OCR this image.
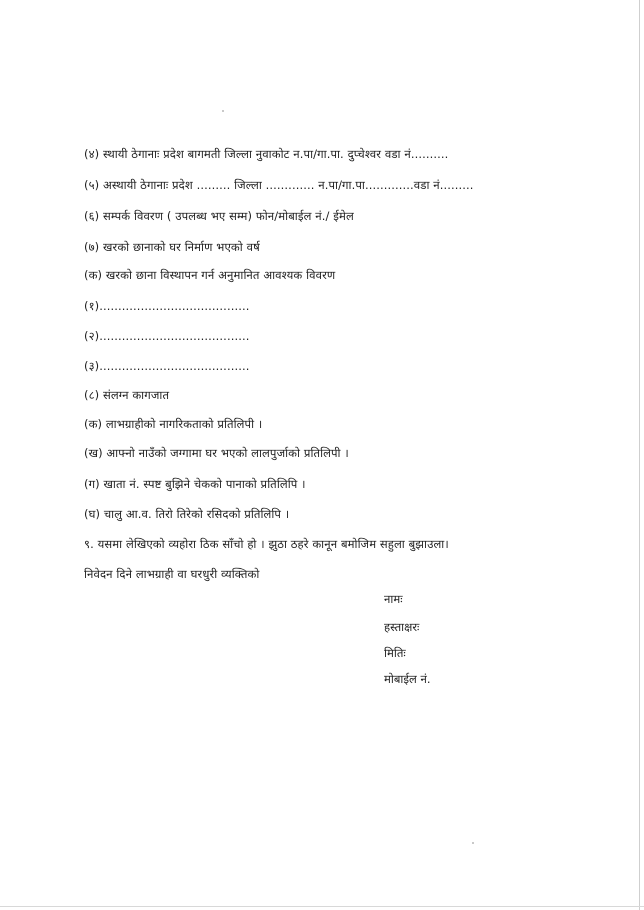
(४) स्थायी ठेगानाः प्रदेश बागमती जिल्ला नुवाकोट न.पा/गा.पा. दुप्चेश्वर वडा नं..........
(५) अस्थायी ठेगानाः प्रदेश ......... जिल्ला ............. न.पा/गा.पा.............वडा नं.........
(६) सम्पर्क विवरण ( उपलब्ध भए सम्म) फोन/मोबाईल नं./ ईमेल
(७) खरको छानाको घर निर्माण भएको वर्ष
(क) खरको छाना विस्थापन गर्न अनुमानित आवश्यक विवरण
(१)........................................
(२)........................................
(३)........................................
(८) संलग्न कागजात
(क) लाभग्राहीको नागरिकताको प्रतिलिपी ।
(ख) आफ्नो नाउँको जग्गामा घर भएको लालपुर्जाको प्रतिलिपी ।
(ग) खाता नं. स्पष्ट बुझिने चेकको पानाको प्रतिलिपि ।
(घ) चालु आ.व. तिरो तिरेको रसिदको प्रतिलिपि ।
९. यसमा लेखिएको व्यहोरा ठिक साँचो हो । झुठा ठहरे कानून बमोजिम सहुला बुझाउला।
निवेदन दिने लाभग्राही वा घरधुरी व्यक्तिको
नामः
हस्ताक्षरः
मितिः
मोबाईल नं.
